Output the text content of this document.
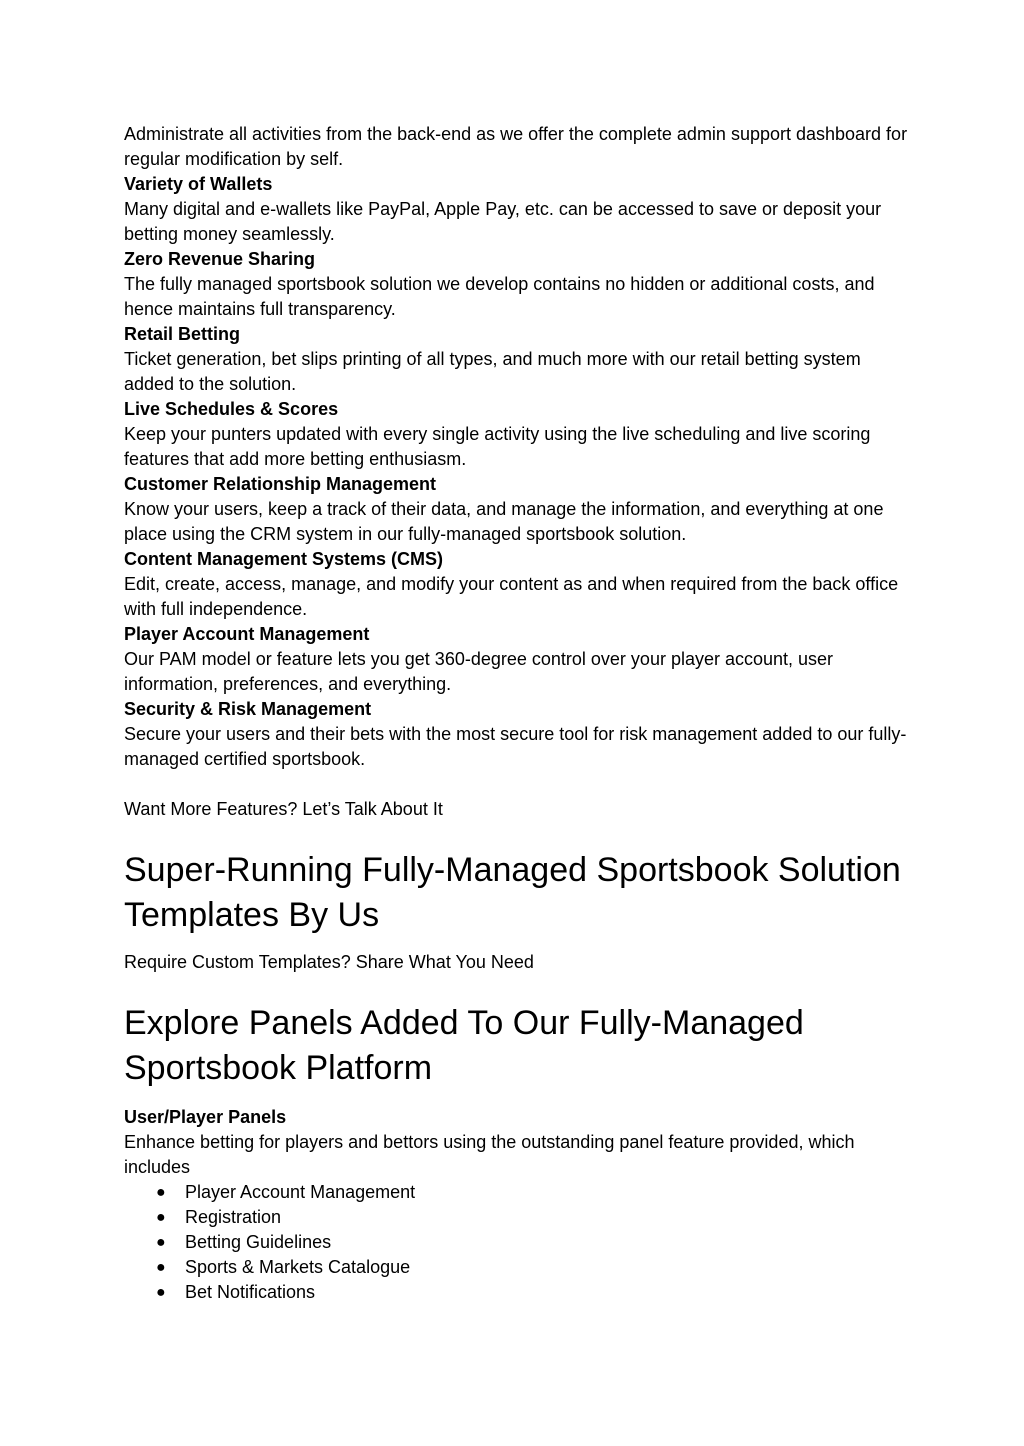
Administrate all activities from the back-end as we offer the complete admin support dashboard for regular modification by self.

Variety of Wallets

Many digital and e-wallets like PayPal, Apple Pay, etc. can be accessed to save or deposit your betting money seamlessly.

Zero Revenue Sharing

The fully managed sportsbook solution we develop contains no hidden or additional costs, and hence maintains full transparency.

Retail Betting

Ticket generation, bet slips printing of all types, and much more with our retail betting system added to the solution.

Live Schedules & Scores

Keep your punters updated with every single activity using the live scheduling and live scoring features that add more betting enthusiasm.

Customer Relationship Management

Know your users, keep a track of their data, and manage the information, and everything at one place using the CRM system in our fully-managed sportsbook solution.

Content Management Systems (CMS)

Edit, create, access, manage, and modify your content as and when required from the back office with full independence.

Player Account Management

Our PAM model or feature lets you get 360-degree control over your player account, user information, preferences, and everything.

Security & Risk Management

Secure your users and their bets with the most secure tool for risk management added to our fully-managed certified sportsbook.

Want More Features? Let’s Talk About It

Super-Running Fully-Managed Sportsbook Solution Templates By Us

Require Custom Templates? Share What You Need

Explore Panels Added To Our Fully-Managed Sportsbook Platform

User/Player Panels

Enhance betting for players and bettors using the outstanding panel feature provided, which includes

● Player Account Management
● Registration
● Betting Guidelines
● Sports & Markets Catalogue
● Bet Notifications
